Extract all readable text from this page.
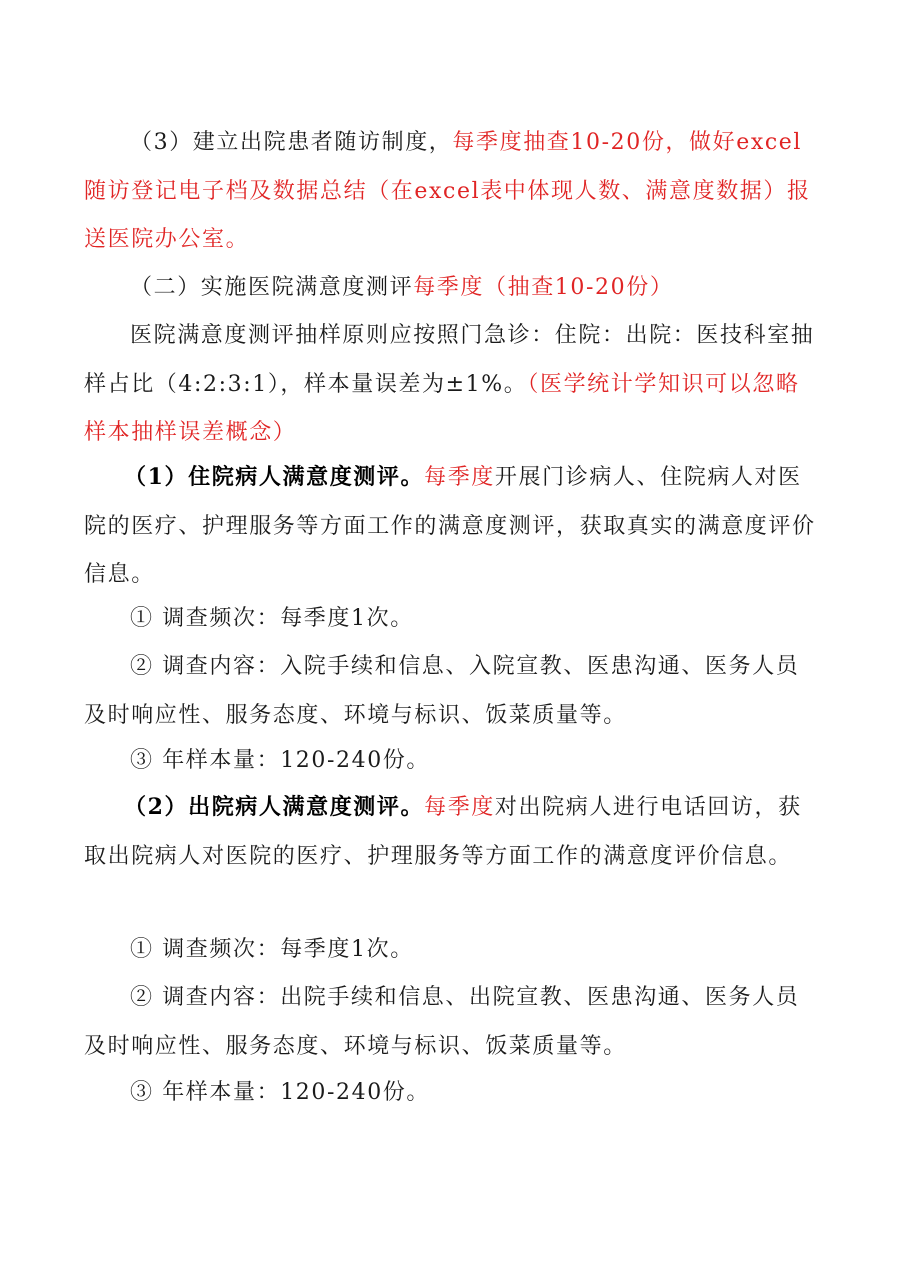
（3）建立出院患者随访制度，每季度抽查10-20份，做好excel随访登记电子档及数据总结（在excel表中体现人数、满意度数据）报送医院办公室。

（二）实施医院满意度测评每季度（抽查10-20份）

医院满意度测评抽样原则应按照门急诊：住院：出院：医技科室抽样占比（4:2:3:1），样本量误差为±1%。（医学统计学知识可以忽略样本抽样误差概念）

（1）住院病人满意度测评。每季度开展门诊病人、住院病人对医院的医疗、护理服务等方面工作的满意度测评，获取真实的满意度评价信息。

① 调查频次：每季度1次。

② 调查内容：入院手续和信息、入院宣教、医患沟通、医务人员及时响应性、服务态度、环境与标识、饭菜质量等。

③ 年样本量：120-240份。

（2）出院病人满意度测评。每季度对出院病人进行电话回访，获取出院病人对医院的医疗、护理服务等方面工作的满意度评价信息。

① 调查频次：每季度1次。

② 调查内容：出院手续和信息、出院宣教、医患沟通、医务人员及时响应性、服务态度、环境与标识、饭菜质量等。

③ 年样本量：120-240份。
